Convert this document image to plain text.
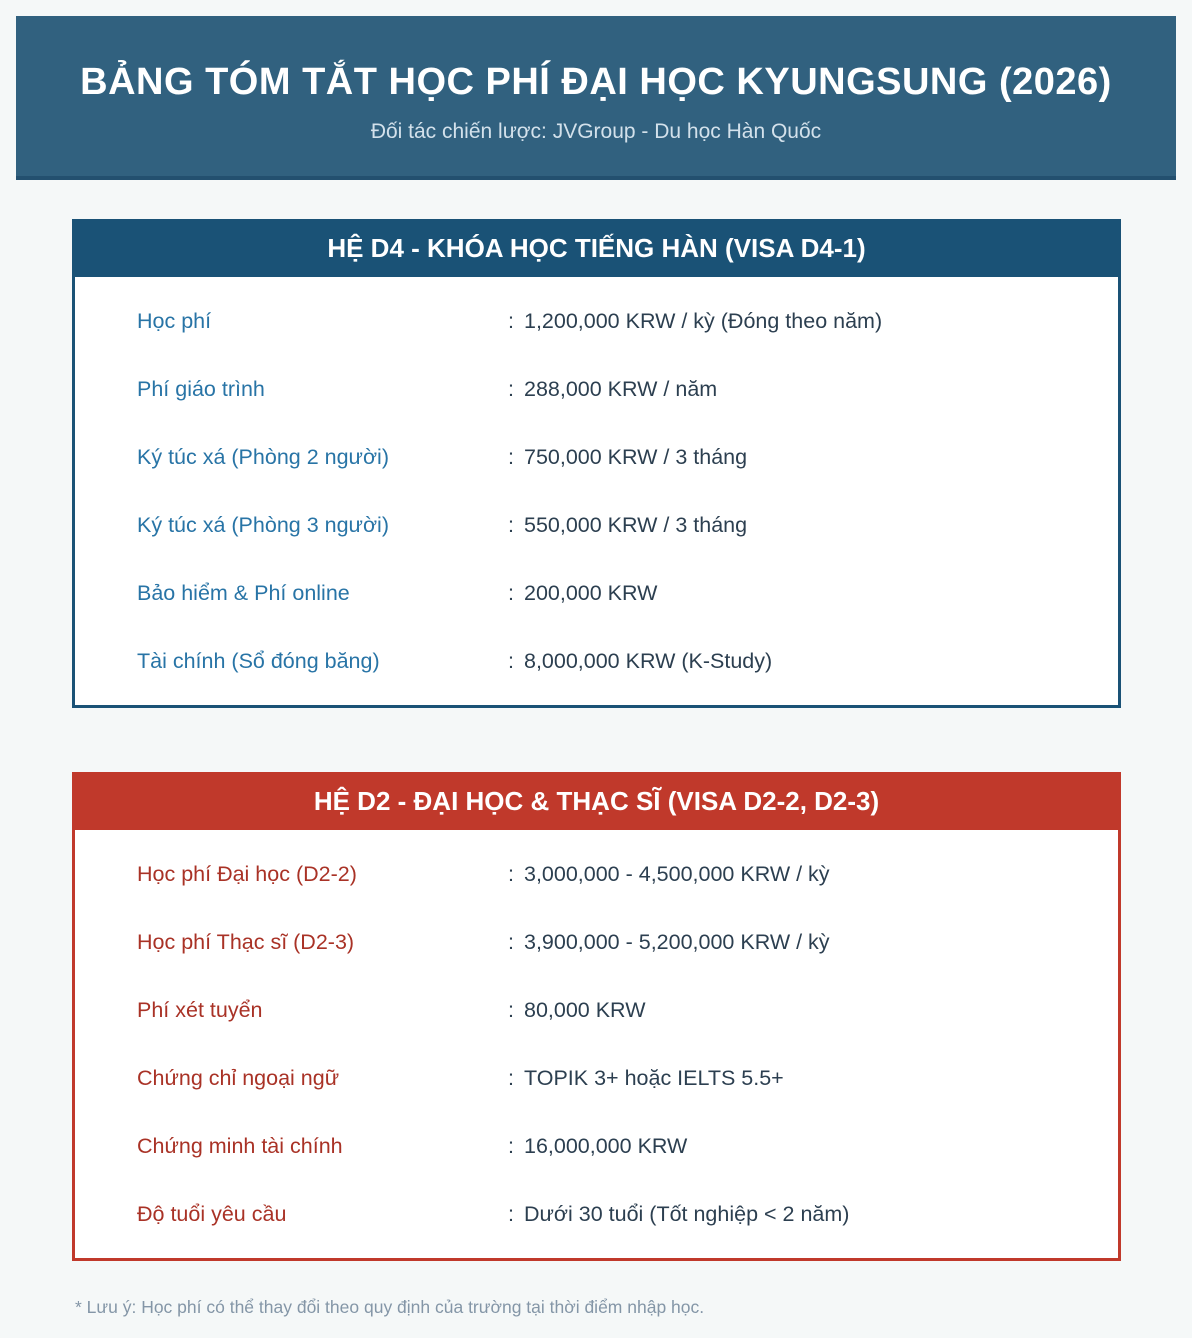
BẢNG TÓM TẮT HỌC PHÍ ĐẠI HỌC KYUNGSUNG (2026)

Đối tác chiến lược: JVGroup - Du học Hàn Quốc

HỆ D4 - KHÓA HỌC TIẾNG HÀN (VISA D4-1)
Học phí	: 1,200,000 KRW / kỳ (Đóng theo năm)
Phí giáo trình	: 288,000 KRW / năm
Ký túc xá (Phòng 2 người)	: 750,000 KRW / 3 tháng
Ký túc xá (Phòng 3 người)	: 550,000 KRW / 3 tháng
Bảo hiểm & Phí online	: 200,000 KRW
Tài chính (Sổ đóng băng)	: 8,000,000 KRW (K-Study)
HỆ D2 - ĐẠI HỌC & THẠC SĨ (VISA D2-2, D2-3)
Học phí Đại học (D2-2)	: 3,000,000 - 4,500,000 KRW / kỳ
Học phí Thạc sĩ (D2-3)	: 3,900,000 - 5,200,000 KRW / kỳ
Phí xét tuyển	: 80,000 KRW
Chứng chỉ ngoại ngữ	: TOPIK 3+ hoặc IELTS 5.5+
Chứng minh tài chính	: 16,000,000 KRW
Độ tuổi yêu cầu	: Dưới 30 tuổi (Tốt nghiệp < 2 năm)

* Lưu ý: Học phí có thể thay đổi theo quy định của trường tại thời điểm nhập học.
